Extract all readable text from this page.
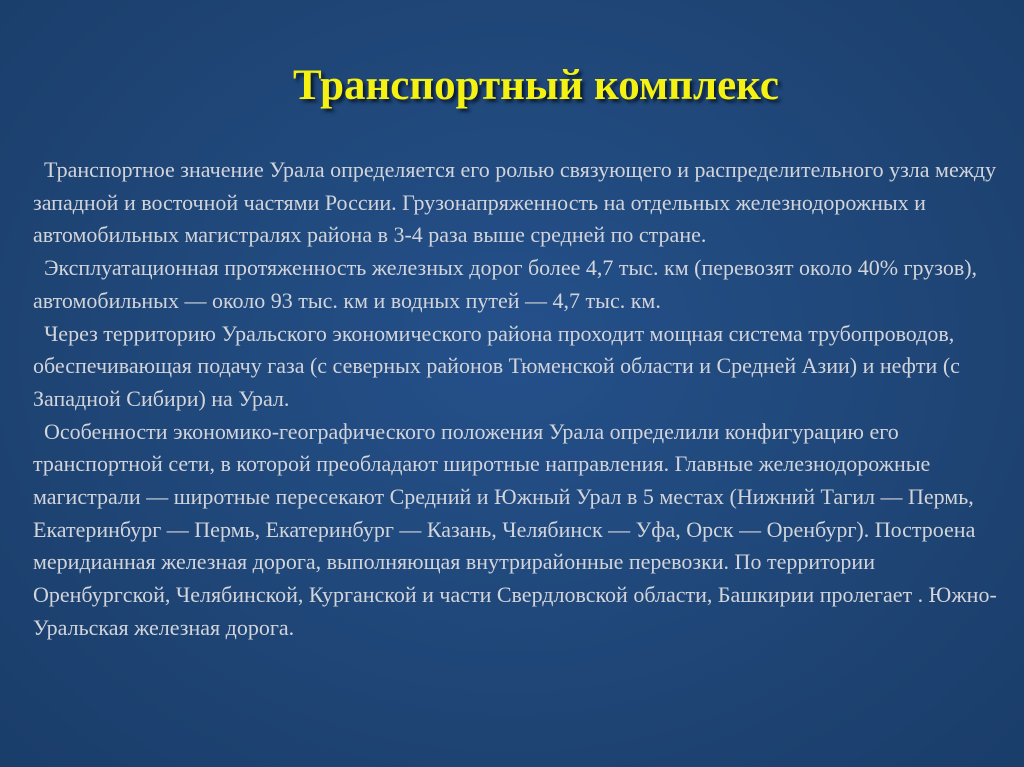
Транспортный комплекс

Транспортное значение Урала определяется его ролью связующего и распределительного узла между западной и восточной частями России. Грузонапряженность на отдельных железнодорожных и автомобильных магистралях района в 3-4 раза выше средней по стране.

Эксплуатационная протяженность железных дорог более 4,7 тыс. км (перевозят около 40% грузов), автомобильных — около 93 тыс. км и водных путей — 4,7 тыс. км.

Через территорию Уральского экономического района проходит мощная система трубопроводов, обеспечивающая подачу газа (с северных районов Тюменской области и Средней Азии) и нефти (с Западной Сибири) на Урал.

Особенности экономико-географического положения Урала определили конфигурацию его транспортной сети, в которой преобладают широтные направления. Главные железнодорожные магистрали — широтные пересекают Средний и Южный Урал в 5 местах (Нижний Тагил — Пермь, Екатеринбург — Пермь, Екатеринбург — Казань, Челябинск — Уфа, Орск — Оренбург). Построена меридианная железная дорога, выполняющая внутрирайонные перевозки. По территории Оренбургской, Челябинской, Курганской и части Свердловской области, Башкирии пролегает . Южно-Уральская железная дорога.
